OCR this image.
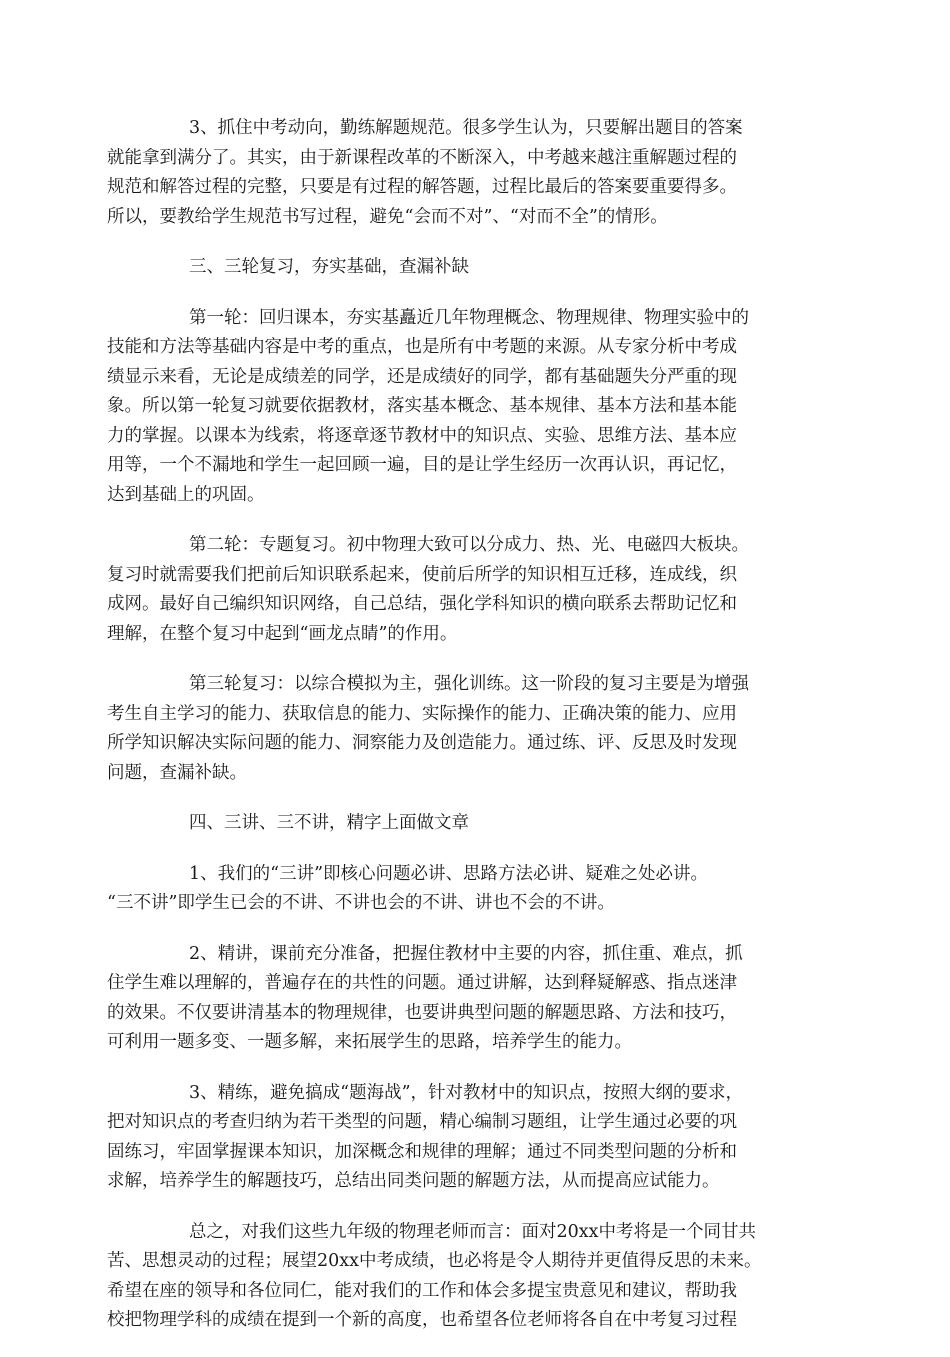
3、抓住中考动向，勤练解题规范。很多学生认为，只要解出题目的答案
就能拿到满分了。其实，由于新课程改革的不断深入，中考越来越注重解题过程的
规范和解答过程的完整，只要是有过程的解答题，过程比最后的答案要重要得多。
所以，要教给学生规范书写过程，避免“会而不对”、“对而不全”的情形。
三、三轮复习，夯实基础，查漏补缺
第一轮：回归课本，夯实基矗近几年物理概念、物理规律、物理实验中的
技能和方法等基础内容是中考的重点，也是所有中考题的来源。从专家分析中考成
绩显示来看，无论是成绩差的同学，还是成绩好的同学，都有基础题失分严重的现
象。所以第一轮复习就要依据教材，落实基本概念、基本规律、基本方法和基本能
力的掌握。以课本为线索，将逐章逐节教材中的知识点、实验、思维方法、基本应
用等，一个不漏地和学生一起回顾一遍，目的是让学生经历一次再认识，再记忆，
达到基础上的巩固。
第二轮：专题复习。初中物理大致可以分成力、热、光、电磁四大板块。
复习时就需要我们把前后知识联系起来，使前后所学的知识相互迁移，连成线，织
成网。最好自己编织知识网络，自己总结，强化学科知识的横向联系去帮助记忆和
理解，在整个复习中起到“画龙点睛”的作用。
第三轮复习：以综合模拟为主，强化训练。这一阶段的复习主要是为增强
考生自主学习的能力、获取信息的能力、实际操作的能力、正确决策的能力、应用
所学知识解决实际问题的能力、洞察能力及创造能力。通过练、评、反思及时发现
问题，查漏补缺。
四、三讲、三不讲，精字上面做文章
1、我们的“三讲”即核心问题必讲、思路方法必讲、疑难之处必讲。
“三不讲”即学生已会的不讲、不讲也会的不讲、讲也不会的不讲。
2、精讲，课前充分准备，把握住教材中主要的内容，抓住重、难点，抓
住学生难以理解的，普遍存在的共性的问题。通过讲解，达到释疑解惑、指点迷津
的效果。不仅要讲清基本的物理规律，也要讲典型问题的解题思路、方法和技巧，
可利用一题多变、一题多解，来拓展学生的思路，培养学生的能力。
3、精练，避免搞成“题海战”，针对教材中的知识点，按照大纲的要求，
把对知识点的考查归纳为若干类型的问题，精心编制习题组，让学生通过必要的巩
固练习，牢固掌握课本知识，加深概念和规律的理解；通过不同类型问题的分析和
求解，培养学生的解题技巧，总结出同类问题的解题方法，从而提高应试能力。
总之，对我们这些九年级的物理老师而言：面对20xx中考将是一个同甘共
苦、思想灵动的过程；展望20xx中考成绩，也必将是令人期待并更值得反思的未来。
希望在座的领导和各位同仁，能对我们的工作和体会多提宝贵意见和建议，帮助我
校把物理学科的成绩在提到一个新的高度，也希望各位老师将各自在中考复习过程
